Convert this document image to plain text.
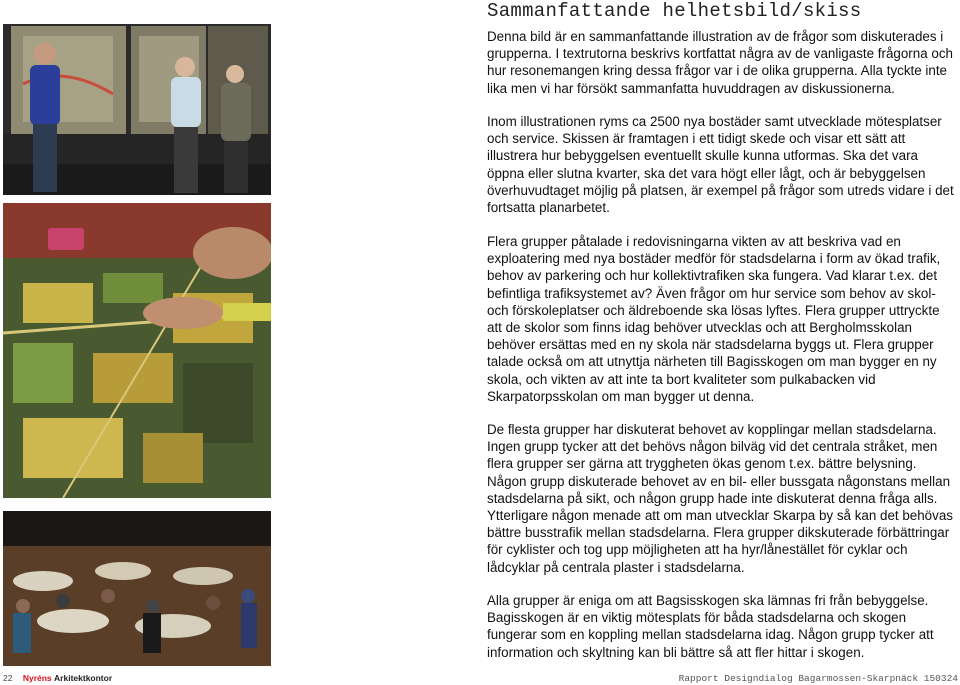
Sammanfattande helhetsbild/skiss

Denna bild är en sammanfattande illustration av de frågor som diskuterades i grupperna. I textrutorna beskrivs kortfattat några av de vanligaste frågorna och hur resonemangen kring dessa frågor var i de olika grupperna. Alla tyckte inte lika men vi har försökt sammanfatta huvuddragen av diskussionerna.

Inom illustrationen ryms ca 2500 nya bostäder samt utvecklade mötesplatser och service. Skissen är framtagen i ett tidigt skede och visar ett sätt att illustrera hur bebyggelsen eventuellt skulle kunna utformas. Ska det vara öppna eller slutna kvarter, ska det vara högt eller lågt, och är bebyggelsen överhuvudtaget möjlig på platsen, är exempel på frågor som utreds vidare i det fortsatta planarbetet.

Flera grupper påtalade i redovisningarna vikten av att beskriva vad en exploatering med nya bostäder medför för stadsdelarna i form av ökad trafik, behov av parkering och hur kollektivtrafiken ska fungera. Vad klarar t.ex. det befintliga trafiksystemet av? Även frågor om hur service som behov av skol- och förskoleplatser och äldreboende ska lösas lyftes. Flera grupper uttryckte att de skolor som finns idag behöver utvecklas och att Bergholmsskolan behöver ersättas med en ny skola när stadsdelarna byggs ut. Flera grupper talade också om att utnyttja närheten till Bagisskogen om man bygger en ny skola, och vikten av att inte ta bort kvaliteter som pulkabacken vid Skarpatorpsskolan om man bygger ut denna.

De flesta grupper har diskuterat behovet av kopplingar mellan stadsdelarna. Ingen grupp tycker att det behövs någon bilväg vid det centrala stråket, men flera grupper ser gärna att tryggheten ökas genom t.ex. bättre belysning. Någon grupp diskuterade behovet av en bil- eller bussgata någonstans mellan stadsdelarna på sikt, och någon grupp hade inte diskuterat denna fråga alls. Ytterligare någon menade att om man utvecklar Skarpa by så kan det behövas bättre busstrafik mellan stadsdelarna. Flera grupper dikskuterade förbättringar för cyklister och tog upp möjligheten att ha hyr/lånestället för cyklar och lådcyklar på centrala plaster i stadsdelarna.

Alla grupper är eniga om att Bagsisskogen ska lämnas fri från bebyggelse. Bagisskogen är en viktig mötesplats för båda stadsdelarna och skogen fungerar som en koppling mellan stadsdelarna idag. Någon grupp tycker att information och skyltning kan bli bättre så att fler hittar i skogen.

22 Nyréns Arkitektkontor	Rapport Designdialog Bagarmossen-Skarpnäck 150324
